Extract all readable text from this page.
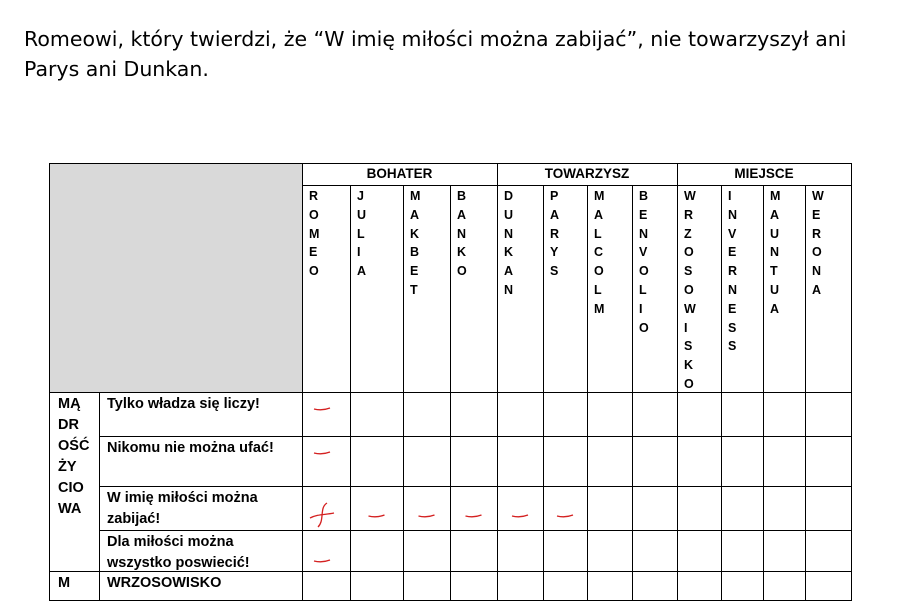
Romeowi, który twierdzi, że “W imię miłości można zabijać”, nie towarzyszył ani
Parys ani Dunkan.
BOHATER	TOWARZYSZ	MIEJSCE
R
O
M
E
O
J
U
L
I
A
M
A
K
B
E
T
B
A
N
K
O
D
U
N
K
A
N
P
A
R
Y
S
M
A
L
C
O
L
M
B
E
N
V
O
L
I
O
W
R
Z
O
S
O
W
I
S
K
O
I
N
V
E
R
N
E
S
S
M
A
U
N
T
U
A
W
E
R
O
N
A
MĄ
DR
OŚĆ
ŻY
CIO
WA
M
Tylko władza się liczy!
Nikomu nie można ufać!
W imię miłości można
zabijać!
Dla miłości można
wszystko poswiecić!
WRZOSOWISKO
